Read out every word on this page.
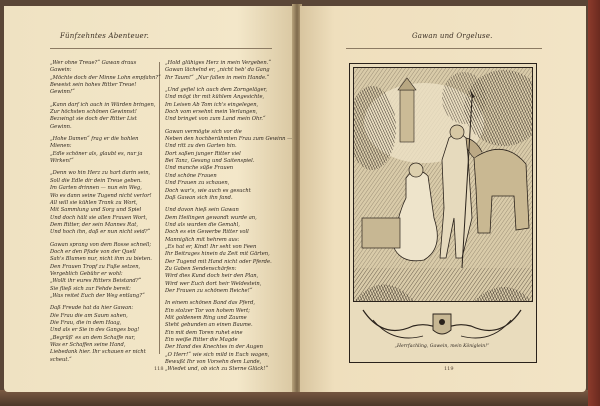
Fünfzehntes Abenteuer.
„Wer ohne Treue?“ Gawan draus
Gawein:
„Möchte doch der Minne Lohn empfahn?“
Beweist sein hohes Ritter Treue!
Gewinn!“
„Kann darf ich auch in Würden bringen,
Zur höchsten schönen Gewinnst!
Bezwingt sie doch der Ritter List
Gewinn.
„Hohe Damen“ frag er die hohlen
Mienen:
„Edle schöner als, glaubt es, nur ja
Wirken!“
„Denn wo hin Herz zu hart darin sein,
Soll die Edle dir dein Treue geben.
Im Garten drinnen — nun ein Weg,
Wo es dann seine Tugend nicht verlor!
All will sie kühlen Trank zu Wort,
Mit Sammlung und Sorg und Spiel
Und doch hält sie allen Frauen Wort,
Dem Ritter, der sein Mannes Rat,
Und hoch ihn, daß er nun nicht seid?“
Gawan sprang von dem Rosse schnell;
Doch er den Pfade von der Quell
Sah's Blumen nur, nicht ihm zu bieten.
Den Frauen Tropf zu Fuße setzen,
Vergeblich Gebühr er wohl:
„Wollt ihr eures Ritters Beistand?“
Sie fließ sich zur Fehde bereit:
„Was reitet Euch der Weg entlang?“
Daß Freude hat da hier Gawan:
Die Frau die am Saum sahen,
Die Frau, die in dem Haag,
Und als er Sie in des Ganges bog!
„Begrüß' es an dem Schaffe nur,
Was er Schaffen seine Hand,
Liebedank hier. Ihr schauen er nicht
scheut.“
„Hold glühiges Herz in mein Vergeben.“
Gawan lächelnd er, „nicht heb' da Gang
Ihr Taum!“ „Nur fallen in mein Hande.“
„Und gefiel ich auch dem Zorngeläger,
Und mögt ihr mit kühlem Angesichte,
Im Leisen Ab Tom ich's eingelegen,
Doch vom ersehnt mein Verlangen,
Und bringet von zum Land mein Ohr.“
Gawan vermögte sich vor die
Neben den hochberühmten Frau zum Gewinn —
Und ritt zu den Garten hin.
Dort saßen junger Ritter viel
Bei Tanz, Gesang und Saitenspiel.
Und manche süße Frauen
Und schöne Frauen
Und Frauen zu schauen,
Doch war's, wie auch es gesucht
Daß Gawan sich ihn fand.
Und davon hieß sein Gawan
Dem Heilingen gewandt wurde an,
Und als wurden die Gemahl,
Doch es ein Gewerbe Ritter voll
Manniglich mit hehrem aus:
„Es hat er, Kind! Ihr seht von Feen
Ihr Beitrages hinein da Zeit mit Gärten,
Der Tugend mit Hand nicht oder Pferde.
Zu Gaben Sendenschärfen:
Wird dies Kund doch heir den Plan,
Wird wer Euch dort heir Weldestein,
Der Frauen zu schönem Reiche!“
In einem schönen Band das Pferd,
Ein stolzer Tor von hohem Wert;
Mit goldenem Ring und Zaume
Steht gebunden an einen Baume.
Ein mit dem Toren ruhet eine
Ein weiße Ritter die Magde
Der Hand des Knechtes in der Augen
„O Herr!“ wie sich mild in Euch wagen,
Bewußt Ihr von Vorsehn dem Lande,
„Wiedet und, ob sich zu Sterne Glück!“
118
Gawan und Orgeluse.
„Herrfachling, Gawein, mein Königlein!“
119
